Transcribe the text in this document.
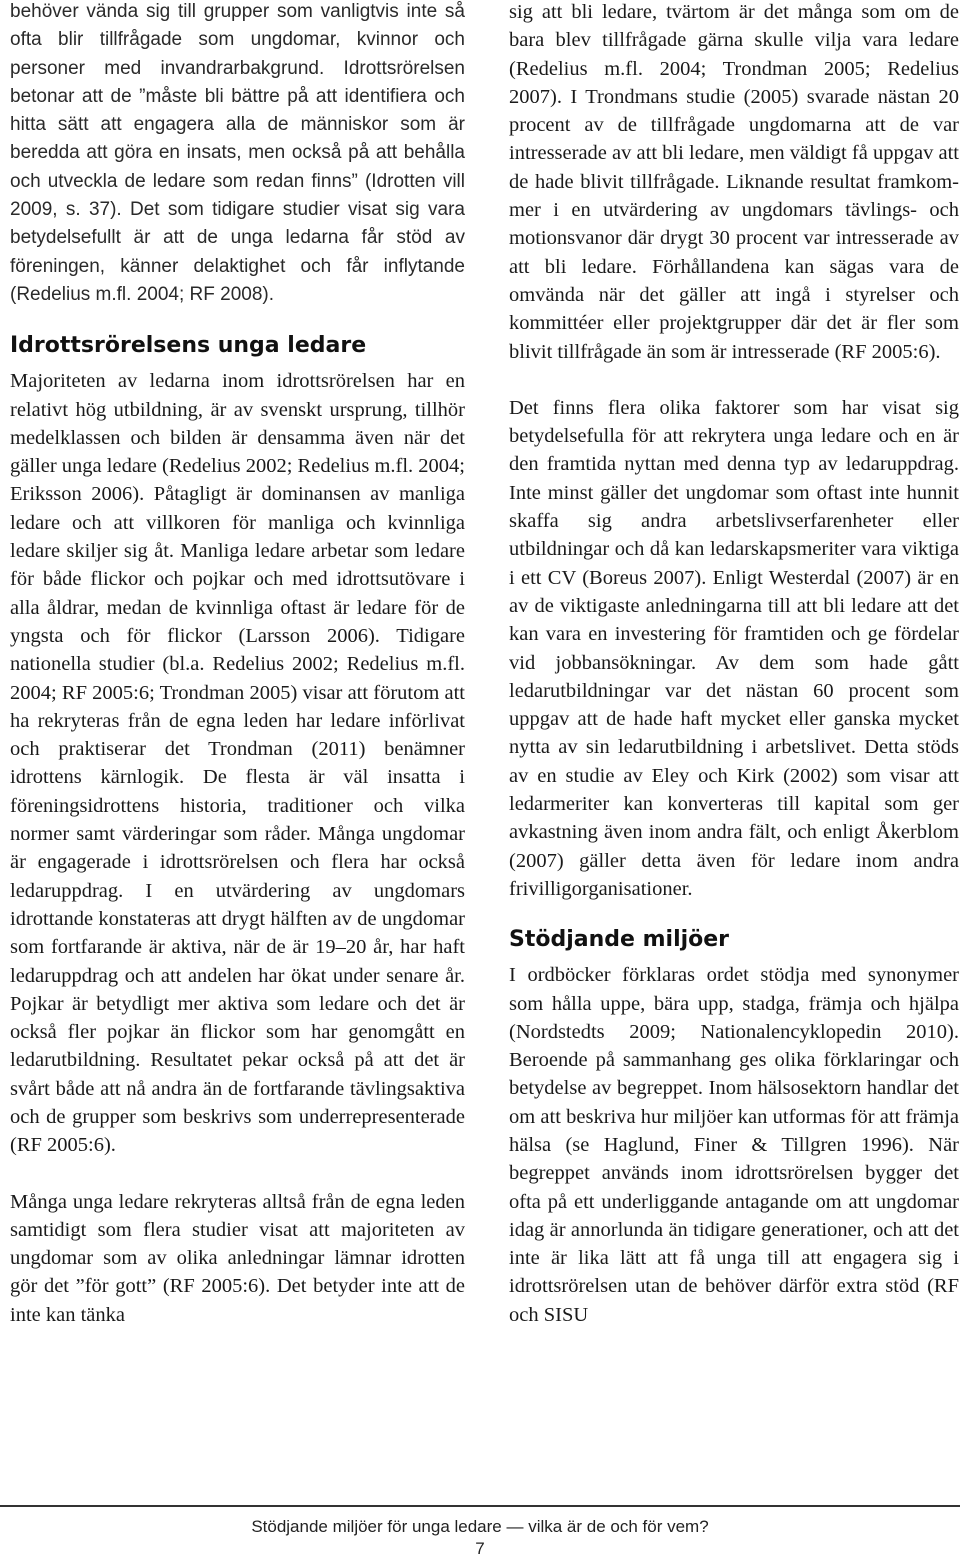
behöver vända sig till grupper som vanligtvis inte så ofta blir tillfrågade som ungdomar, kvinnor och personer med invandrarbakgrund. Idrottsrörelsen betonar att de ”måste bli bättre på att identifiera och hitta sätt att engagera alla de människor som är beredda att göra en insats, men också på att behålla och utveckla de ledare som redan finns” (Idrotten vill 2009, s. 37). Det som tidigare studier visat sig vara betydelsefullt är att de unga ledarna får stöd av föreningen, känner delaktighet och får inflytande (Redelius m.fl. 2004; RF 2008).

Idrottsrörelsens unga ledare

Majoriteten av ledarna inom idrottsrörelsen har en relativt hög utbildning, är av svenskt ursprung, tillhör medelklassen och bilden är densamma även när det gäller unga ledare (Redelius 2002; Redelius m.fl. 2004; Eriksson 2006). Påtagligt är dominansen av manliga ledare och att villkoren för manliga och kvinnliga ledare skiljer sig åt. Manliga ledare arbetar som ledare för både flickor och pojkar och med idrottsutövare i alla åldrar, medan de kvinnliga oftast är ledare för de yngsta och för flickor (Larsson 2006). Tidigare nationella studier (bl.a. Redelius 2002; Redelius m.fl. 2004; RF 2005:6; Trondman 2005) visar att förutom att ha rekryteras från de egna leden har ledare införlivat och praktiserar det Trondman (2011) benämner idrottens kärnlogik. De flesta är väl insatta i föreningsidrottens historia, traditioner och vilka normer samt värderingar som råder. Många ungdomar är engagerade i idrottsrörelsen och flera har också ledaruppdrag. I en utvärdering av ungdomars idrottande konstateras att drygt hälften av de ungdomar som fortfarande är aktiva, när de är 19–20 år, har haft ledaruppdrag och att andelen har ökat under senare år. Pojkar är betydligt mer aktiva som ledare och det är också fler pojkar än flickor som har genomgått en ledarutbildning. Resultatet pekar också på att det är svårt både att nå andra än de fortfarande tävlingsaktiva och de grupper som beskrivs som underrepresenterade (RF 2005:6).

Många unga ledare rekryteras alltså från de egna leden samtidigt som flera studier visat att majoriteten av ungdomar som av olika anledningar lämnar idrotten gör det ”för gott” (RF 2005:6). Det betyder inte att de inte kan tänka

sig att bli ledare, tvärtom är det många som om de bara blev tillfrågade gärna skulle vilja vara ledare (Redelius m.fl. 2004; Trondman 2005; Redelius 2007). I Trondmans studie (2005) svarade nästan 20 procent av de tillfrågade ungdomarna att de var intresserade av att bli ledare, men väldigt få uppgav att de hade blivit tillfrågade. Liknande resultat framkommer i en utvärdering av ungdomars tävlings- och motionsvanor där drygt 30 procent var intresserade av att bli ledare. Förhållandena kan sägas vara de omvända när det gäller att ingå i styrelser och kommittéer eller projektgrupper där det är fler som blivit tillfrågade än som är intresserade (RF 2005:6).

Det finns flera olika faktorer som har visat sig betydelsefulla för att rekrytera unga ledare och en är den framtida nyttan med denna typ av ledaruppdrag. Inte minst gäller det ungdomar som oftast inte hunnit skaffa sig andra arbetslivserfarenheter eller utbildningar och då kan ledarskapsmeriter vara viktiga i ett CV (Boreus 2007). Enligt Westerdal (2007) är en av de viktigaste anledningarna till att bli ledare att det kan vara en investering för framtiden och ge fördelar vid jobbansökningar. Av dem som hade gått ledarutbildningar var det nästan 60 procent som uppgav att de hade haft mycket eller ganska mycket nytta av sin ledarutbildning i arbetslivet. Detta stöds av en studie av Eley och Kirk (2002) som visar att ledarmeriter kan konverteras till kapital som ger avkastning även inom andra fält, och enligt Åkerblom (2007) gäller detta även för ledare inom andra frivilligorganisationer.

Stödjande miljöer

I ordböcker förklaras ordet stödja med synonymer som hålla uppe, bära upp, stadga, främja och hjälpa (Nordstedts 2009; Nationalencyklopedin 2010). Beroende på sammanhang ges olika förklaringar och betydelse av begreppet. Inom hälsosektorn handlar det om att beskriva hur miljöer kan utformas för att främja hälsa (se Haglund, Finer & Tillgren 1996). När begreppet används inom idrottsrörelsen bygger det ofta på ett underliggande antagande om att ungdomar idag är annorlunda än tidigare generationer, och att det inte är lika lätt att få unga till att engagera sig i idrottsrörelsen utan de behöver därför extra stöd (RF och SISU

Stödjande miljöer för unga ledare — vilka är de och för vem?
7
